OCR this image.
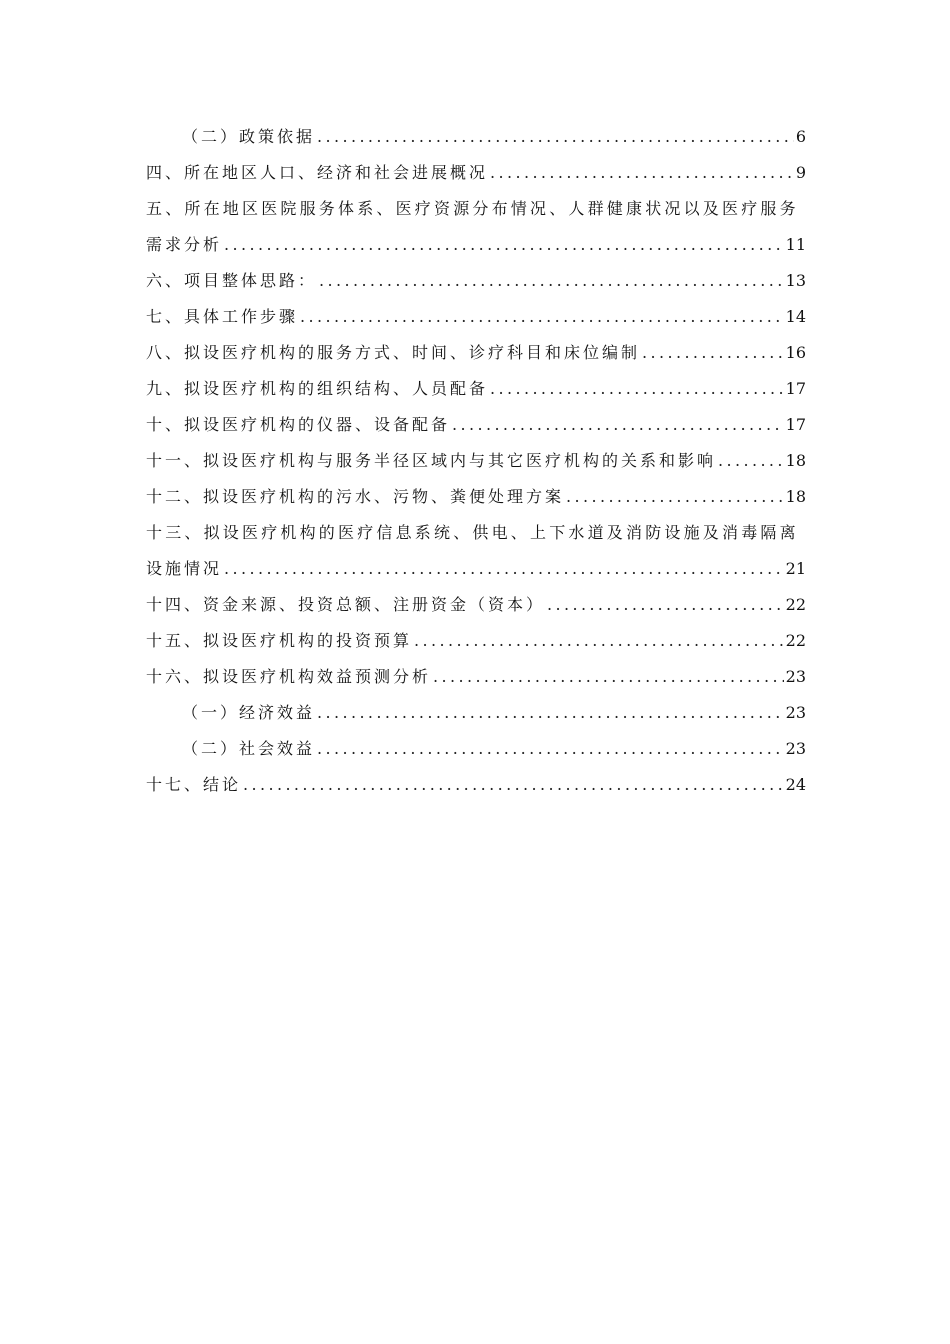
（二）政策依据 .....	6
四、所在地区人口、经济和社会进展概况 .....	9
五、所在地区医院服务体系、医疗资源分布情况、人群健康状况以及医疗服务
需求分析 .....	11
六、项目整体思路： .....	13
七、具体工作步骤 .....	14
八、拟设医疗机构的服务方式、时间、诊疗科目和床位编制 .....	16
九、拟设医疗机构的组织结构、人员配备 .....	17
十、拟设医疗机构的仪器、设备配备 .....	17
十一、拟设医疗机构与服务半径区域内与其它医疗机构的关系和影响 .....	18
十二、拟设医疗机构的污水、污物、粪便处理方案 .....	18
十三、拟设医疗机构的医疗信息系统、供电、上下水道及消防设施及消毒隔离
设施情况 .....	21
十四、资金来源、投资总额、注册资金（资本） .....	22
十五、拟设医疗机构的投资预算 .....	22
十六、拟设医疗机构效益预测分析 .....	23
（一）经济效益 .....	23
（二）社会效益 .....	23
十七、结论 .....	24
